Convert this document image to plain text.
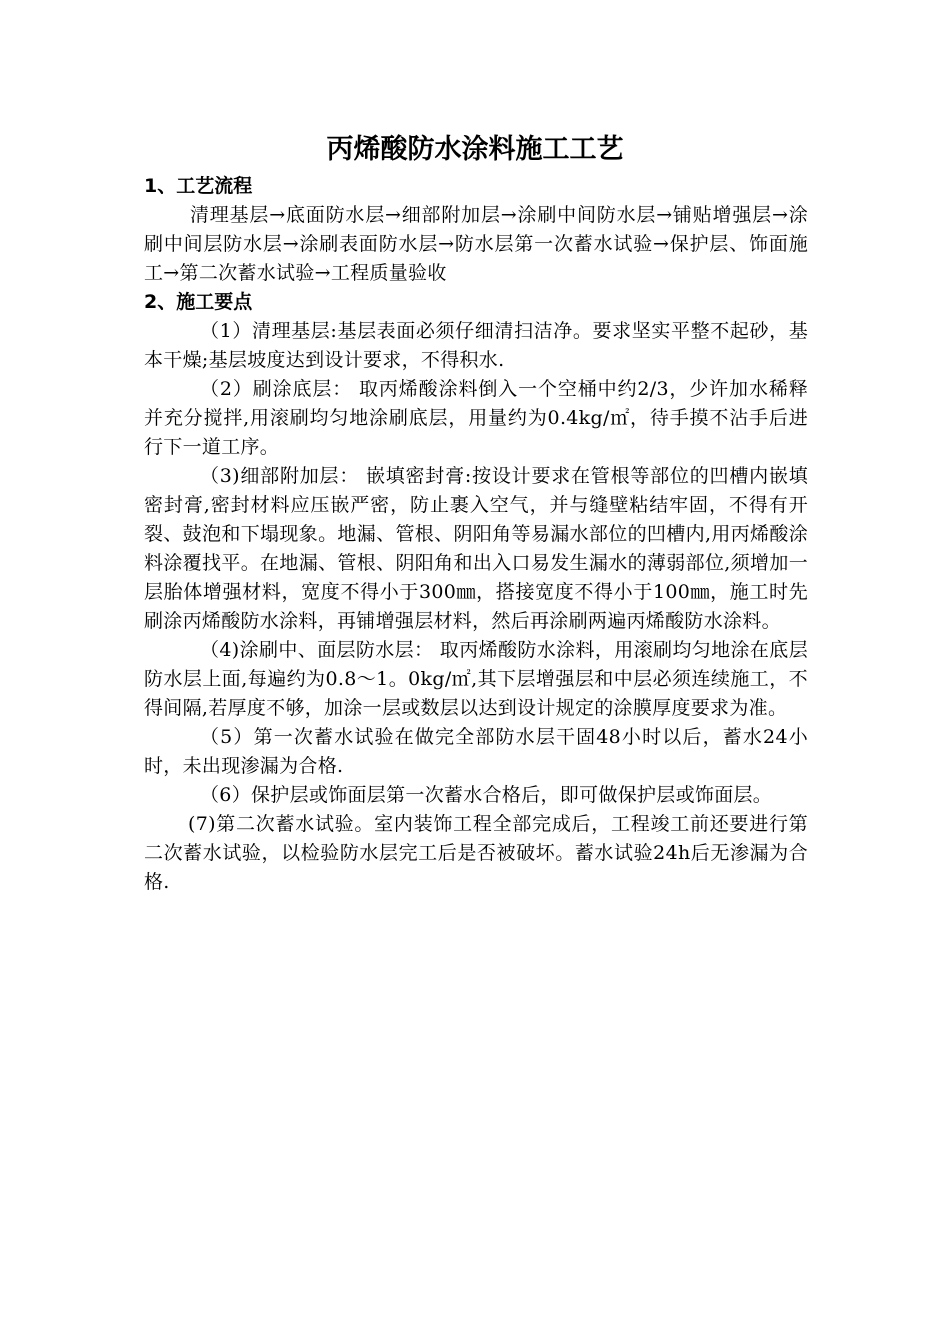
丙烯酸防水涂料施工工艺

1、工艺流程

清理基层→底面防水层→细部附加层→涂刷中间防水层→铺贴增强层→涂刷中间层防水层→涂刷表面防水层→防水层第一次蓄水试验→保护层、饰面施工→第二次蓄水试验→工程质量验收

2、施工要点

（1）清理基层:基层表面必须仔细清扫洁净。要求坚实平整不起砂，基本干燥;基层坡度达到设计要求，不得积水.

（2）刷涂底层： 取丙烯酸涂料倒入一个空桶中约2/3，少许加水稀释并充分搅拌,用滚刷均匀地涂刷底层，用量约为0.4kg/㎡，待手摸不沾手后进行下一道工序。

（3)细部附加层： 嵌填密封膏:按设计要求在管根等部位的凹槽内嵌填密封膏,密封材料应压嵌严密，防止裹入空气，并与缝壁粘结牢固，不得有开裂、鼓泡和下塌现象。地漏、管根、阴阳角等易漏水部位的凹槽内,用丙烯酸涂料涂覆找平。在地漏、管根、阴阳角和出入口易发生漏水的薄弱部位,须增加一层胎体增强材料，宽度不得小于300㎜，搭接宽度不得小于100㎜，施工时先刷涂丙烯酸防水涂料，再铺增强层材料，然后再涂刷两遍丙烯酸防水涂料。

（4)涂刷中、面层防水层： 取丙烯酸防水涂料，用滚刷均匀地涂在底层防水层上面,每遍约为0.8～1。0kg/㎡,其下层增强层和中层必须连续施工，不得间隔,若厚度不够，加涂一层或数层以达到设计规定的涂膜厚度要求为准。

（5）第一次蓄水试验在做完全部防水层干固48小时以后，蓄水24小时，未出现渗漏为合格.

（6）保护层或饰面层第一次蓄水合格后，即可做保护层或饰面层。

(7)第二次蓄水试验。室内装饰工程全部完成后，工程竣工前还要进行第二次蓄水试验，以检验防水层完工后是否被破坏。蓄水试验24h后无渗漏为合格.
